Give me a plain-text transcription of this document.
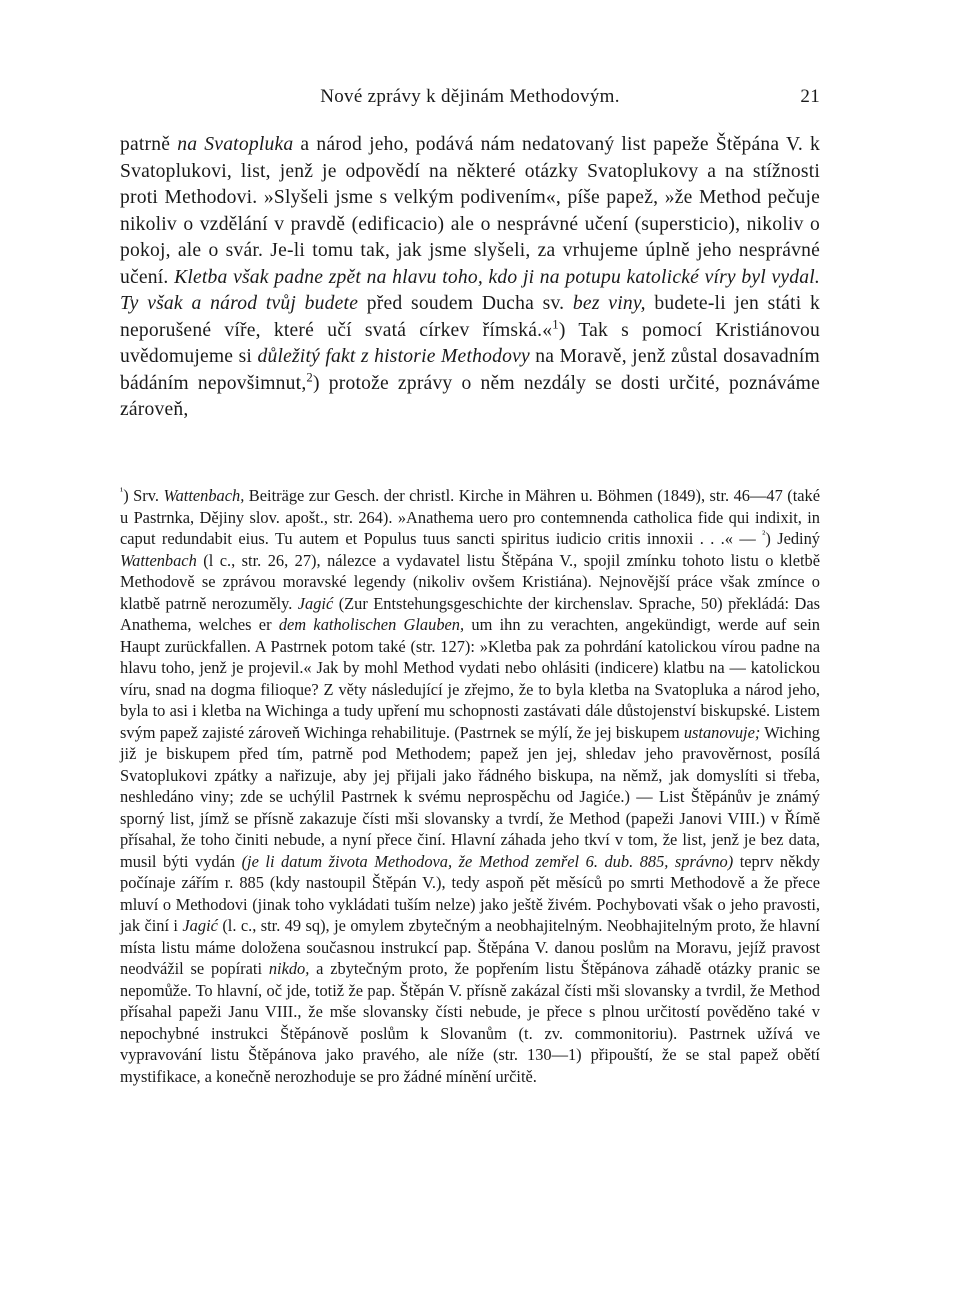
Nové zprávy k dějinám Methodovým.	21

patrně na Svatopluka a národ jeho, podává nám nedatovaný list papeže Štěpána V. k Svatoplukovi, list, jenž je odpovědí na některé otázky Svatoplukovy a na stížnosti proti Methodovi. »Slyšeli jsme s velkým podivením«, píše papež, »že Method pečuje nikoliv o vzdělání v pravdě (edificacio) ale o nesprávné učení (supersticio), nikoliv o pokoj, ale o svár. Je-li tomu tak, jak jsme slyšeli, za vrhujeme úplně jeho nesprávné učení. Kletba však padne zpět na hlavu toho, kdo ji na potupu katolické víry byl vydal. Ty však a národ tvůj budete před soudem Ducha sv. bez viny, budete-li jen státi k neporušené víře, které učí svatá církev římská.«$^1$) Tak s pomocí Kristiánovou uvědomujeme si důležitý fakt z historie Methodovy na Moravě, jenž zůstal dosavadním bádáním nepovšimnut,$^2$) protože zprávy o něm nezdály se dosti určité, poznáváme zároveň,

$^{^1}$) Srv. Wattenbach, Beiträge zur Gesch. der christl. Kirche in Mähren u. Böhmen (1849), str. 46—47 (také u Pastrnka, Dějiny slov. apošt., str. 264). »Anathema uero pro contemnenda catholica fide qui indixit, in caput redundabit eius. Tu autem et Populus tuus sancti spiritus iudicio critis innoxii . . .« — $^{^2}$) Jediný Wattenbach (l c., str. 26, 27), nálezce a vydavatel listu Štěpána V., spojil zmínku tohoto listu o kletbě Methodově se zprávou moravské legendy (nikoliv ovšem Kristiána). Nejnovější práce však zmínce o klatbě patrně nerozuměly. Jagić (Zur Entstehungsgeschichte der kirchenslav. Sprache, 50) překládá: Das Anathema, welches er dem katholischen Glauben, um ihn zu verachten, angekündigt, werde auf sein Haupt zurückfallen. A Pastrnek potom také (str. 127): »Kletba pak za pohrdání katolickou vírou padne na hlavu toho, jenž je projevil.« Jak by mohl Method vydati nebo ohlásiti (indicere) klatbu na — katolickou víru, snad na dogma filioque? Z věty následující je zřejmo, že to byla kletba na Svatopluka a národ jeho, byla to asi i kletba na Wichinga a tudy upření mu schopnosti zastávati dále důstojenství biskupské. Listem svým papež zajisté zároveň Wichinga rehabilituje. (Pastrnek se mýlí, že jej biskupem ustanovuje; Wiching již je biskupem před tím, patrně pod Methodem; papež jen jej, shledav jeho pravověrnost, posílá Svatoplukovi zpátky a nařizuje, aby jej přijali jako řádného biskupa, na němž, jak domyslíti si třeba, neshledáno viny; zde se uchýlil Pastrnek k svému neprospěchu od Jagiće.) — List Štěpánův je známý sporný list, jímž se přísně zakazuje čísti mši slovansky a tvrdí, že Method (papeži Janovi VIII.) v Římě přísahal, že toho činiti nebude, a nyní přece činí. Hlavní záhada jeho tkví v tom, že list, jenž je bez data, musil býti vydán (je li datum života Methodova, že Method zemřel 6. dub. 885, správno) teprv někdy počínaje zářím r. 885 (kdy nastoupil Štěpán V.), tedy aspoň pět měsíců po smrti Methodově a že přece mluví o Methodovi (jinak toho vykládati tuším nelze) jako ještě živém. Pochybovati však o jeho pravosti, jak činí i Jagić (l. c., str. 49 sq), je omylem zbytečným a neobhajitelným. Neobhajitelným proto, že hlavní místa listu máme doložena současnou instrukcí pap. Štěpána V. danou poslům na Moravu, jejíž pravost neodvážil se popírati nikdo, a zbytečným proto, že popřením listu Štěpánova záhadě otázky pranic se nepomůže. To hlavní, oč jde, totiž že pap. Štěpán V. přísně zakázal čísti mši slovansky a tvrdil, že Method přísahal papeži Janu VIII., že mše slovansky čísti nebude, je přece s plnou určitostí pověděno také v nepochybné instrukci Štěpánově poslům k Slovanům (t. zv. commonitoriu). Pastrnek užívá ve vypravování listu Štěpánova jako pravého, ale níže (str. 130—1) připouští, že se stal papež obětí mystifikace, a konečně nerozhoduje se pro žádné mínění určitě.
